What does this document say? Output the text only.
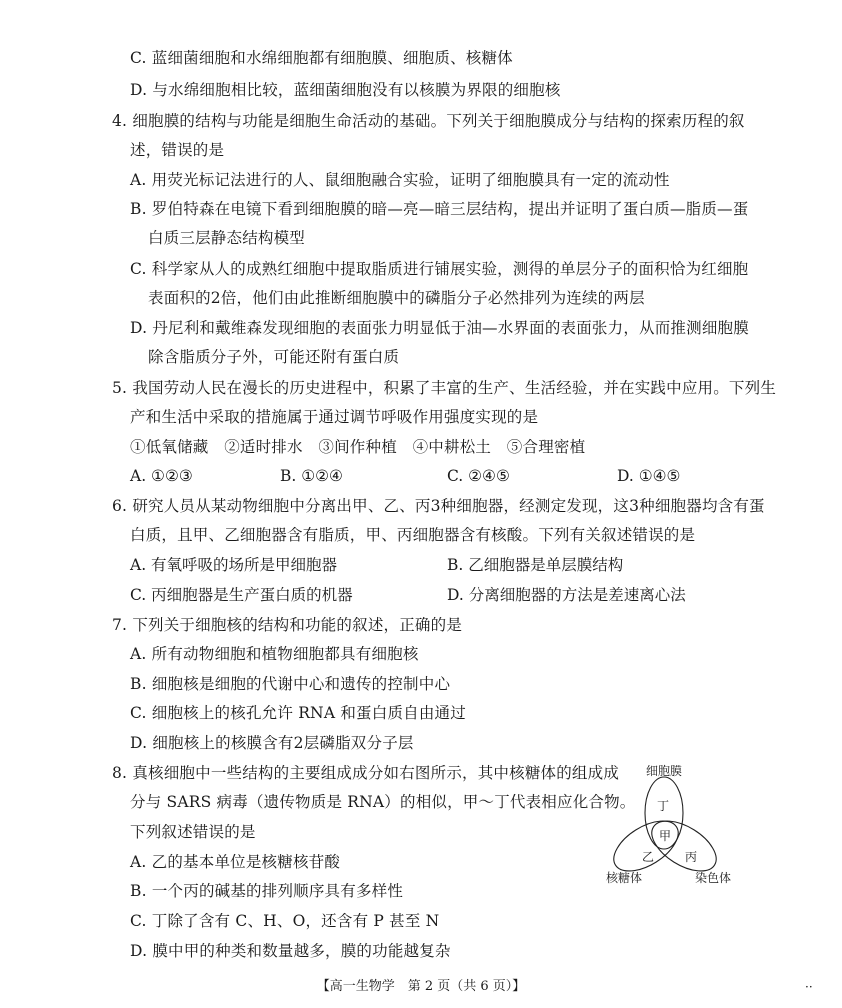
C. 蓝细菌细胞和水绵细胞都有细胞膜、细胞质、核糖体
D. 与水绵细胞相比较，蓝细菌细胞没有以核膜为界限的细胞核
4. 细胞膜的结构与功能是细胞生命活动的基础。下列关于细胞膜成分与结构的探索历程的叙
述，错误的是
A. 用荧光标记法进行的人、鼠细胞融合实验，证明了细胞膜具有一定的流动性
B. 罗伯特森在电镜下看到细胞膜的暗—亮—暗三层结构，提出并证明了蛋白质—脂质—蛋
白质三层静态结构模型
C. 科学家从人的成熟红细胞中提取脂质进行铺展实验，测得的单层分子的面积恰为红细胞
表面积的2倍，他们由此推断细胞膜中的磷脂分子必然排列为连续的两层
D. 丹尼利和戴维森发现细胞的表面张力明显低于油—水界面的表面张力，从而推测细胞膜
除含脂质分子外，可能还附有蛋白质
5. 我国劳动人民在漫长的历史进程中，积累了丰富的生产、生活经验，并在实践中应用。下列生
产和生活中采取的措施属于通过调节呼吸作用强度实现的是
①低氧储藏　②适时排水　③间作种植　④中耕松土　⑤合理密植
A. ①②③	B. ①②④	C. ②④⑤	D. ①④⑤
6. 研究人员从某动物细胞中分离出甲、乙、丙3种细胞器，经测定发现，这3种细胞器均含有蛋
白质，且甲、乙细胞器含有脂质，甲、丙细胞器含有核酸。下列有关叙述错误的是
A. 有氧呼吸的场所是甲细胞器	B. 乙细胞器是单层膜结构
C. 丙细胞器是生产蛋白质的机器	D. 分离细胞器的方法是差速离心法
7. 下列关于细胞核的结构和功能的叙述，正确的是
A. 所有动物细胞和植物细胞都具有细胞核
B. 细胞核是细胞的代谢中心和遗传的控制中心
C. 细胞核上的核孔允许 RNA 和蛋白质自由通过
D. 细胞核上的核膜含有2层磷脂双分子层
8. 真核细胞中一些结构的主要组成成分如右图所示，其中核糖体的组成成
分与 SARS 病毒（遗传物质是 RNA）的相似，甲～丁代表相应化合物。
下列叙述错误的是
A. 乙的基本单位是核糖核苷酸
B. 一个丙的碱基的排列顺序具有多样性
C. 丁除了含有 C、H、O，还含有 P 甚至 N
D. 膜中甲的种类和数量越多，膜的功能越复杂
细胞膜
丁
甲
乙	丙
核糖体	染色体
【高一生物学　第 2 页（共 6 页）】	··
